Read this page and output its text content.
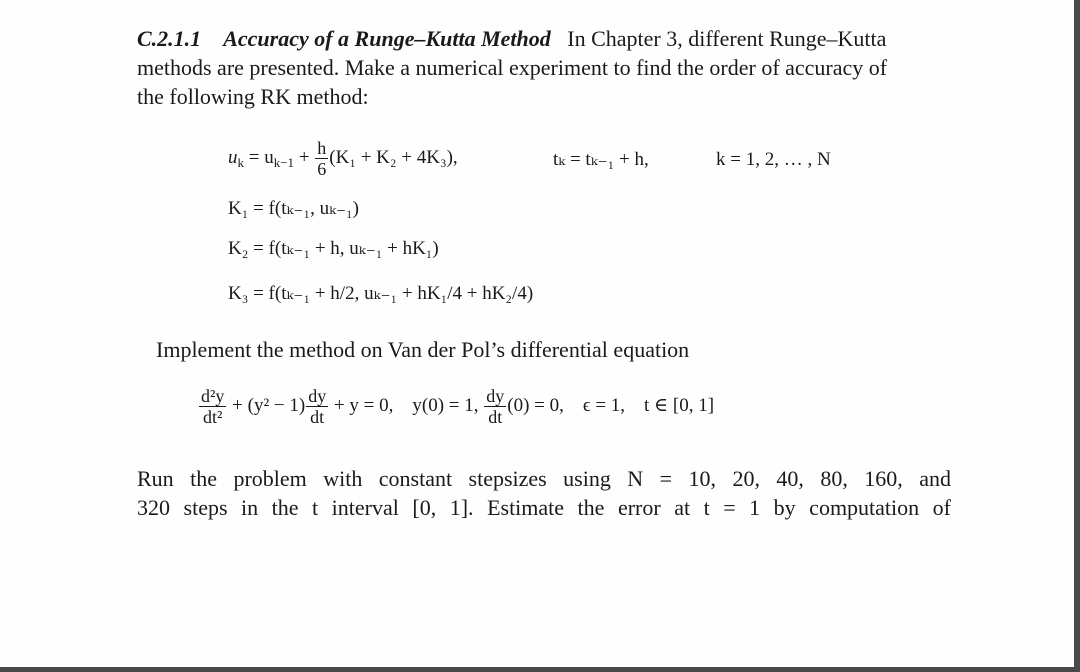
C.2.1.1 Accuracy of a Runge–Kutta Method In Chapter 3, different Runge–Kutta
methods are presented. Make a numerical experiment to find the order of accuracy of
the following RK method:
$u_k = u_{k-1} + \frac{h}{6} (K_1 + K_2 + 4K_3)$,	tₖ = tₖ₋₁ + h,	k = 1, 2, … , N
K₁ = f(tₖ₋₁, uₖ₋₁)
K₂ = f(tₖ₋₁ + h, uₖ₋₁ + hK₁)
K₃ = f(tₖ₋₁ + h/2, uₖ₋₁ + hK₁/4 + hK₂/4)
Implement the method on Van der Pol’s differential equation
$\frac{\text{d²y}}{\text{dt²}} + (y^2 - 1) \frac{dy}{dt} + y = 0$, y(0) = 1, $\frac{dy}{dt} (0) = 0$, ϵ = 1, t ∈ [0, 1]
Run the problem with constant stepsizes using N = 10, 20, 40, 80, 160, and
320 steps in the t interval [0, 1]. Estimate the error at t = 1 by computation of
